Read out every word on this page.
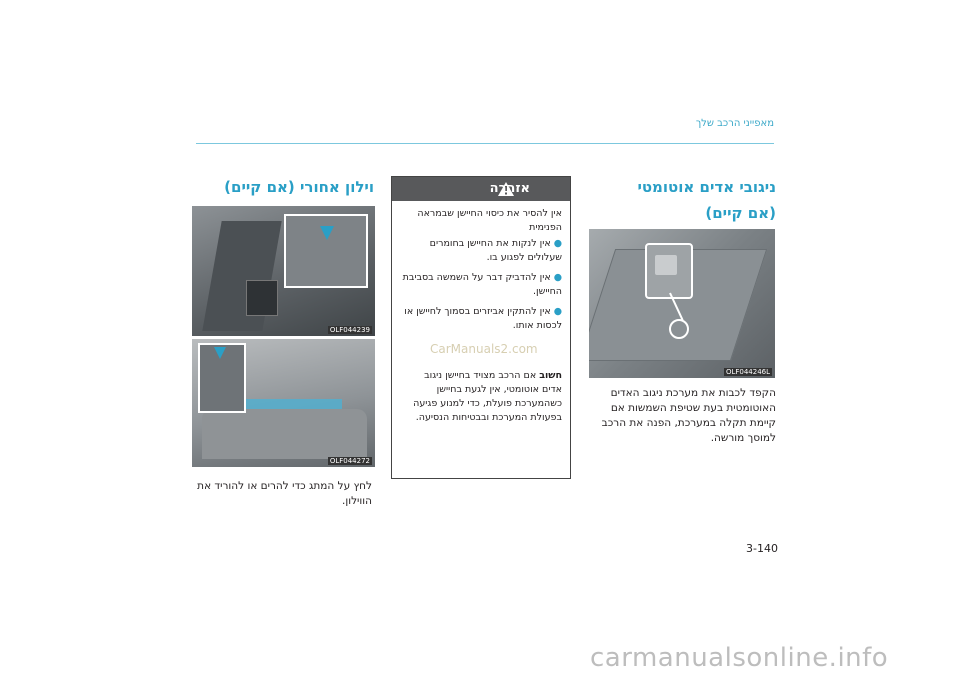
מאפייני הרכב שלך
ניגובי אדים אוטומטי
(אם קיים)
OLF044246L
הקפד לכבות את מערכת ניגוב האדים האוטומטית בעת שטיפת השמשות אם קיימת תקלה במערכת, הפנה את הרכב למוסך מורשה.
אזהרה
אין להסיר את כיסוי החיישן שבמראה הפנימית
● אין לנקות את החיישן בחומרים שעלולים לפגוע בו.
● אין להדביק דבר על השמשה בסביבת החיישן.
● אין להתקין אביזרים בסמוך לחיישן או לכסות אותו.
חשוב אם הרכב מצויד בחיישן ניגוב אדים אוטומטי, אין לגעת בחיישן כשהמערכת פועלת, כדי למנוע פגיעה בפעולת המערכת ובבטיחות הנסיעה.
CarManuals2.com
וילון אחורי (אם קיים)
OLF044239
OLF044272
לחץ על המתג כדי להרים או להוריד את הווילון.
3-140
carmanualsonline.info
